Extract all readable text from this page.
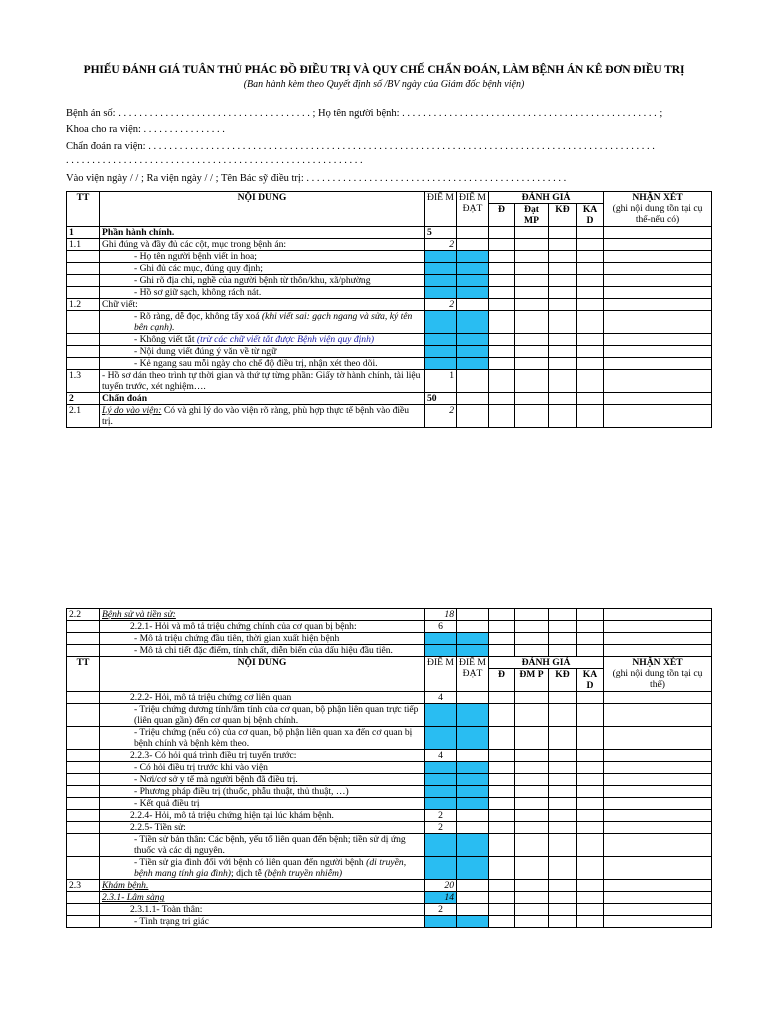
PHIẾU ĐÁNH GIÁ TUÂN THỦ PHÁC ĐỒ ĐIỀU TRỊ VÀ QUY CHẾ CHẨN ĐOÁN, LÀM BỆNH ÁN KÊ ĐƠN ĐIỀU TRỊ
(Ban hành kèm theo Quyết định số /BV ngày của Giám đốc bệnh viện)
Bệnh án số: . . . . . . . . . . . . . . . . . . . . . . . . . . . . . . . . . . . . . ; Họ tên người bệnh: . . . . . . . . . . . . . . . . . . . . . . . . . . . . . . . . . . . . . . . . . . . . . . . . . ;
Khoa cho ra viện: . . . . . . . . . . . . . . . .
Chẩn đoán ra viện: . . . . . . . . . . . . . . . . . . . . . . . . . . . . . . . . . . . . . . . . . . . . . . . . . . . . . . . . . . . . . . . . . . . . . . . . . . . . . . . . . . . . . . . . . . . . . . . . .
. . . . . . . . . . . . . . . . . . . . . . . . . . . . . . . . . . . . . . . . . . . . . . . . . . . . . . . . .
Vào viện ngày / / ; Ra viện ngày / / ; Tên Bác sỹ điều trị: . . . . . . . . . . . . . . . . . . . . . . . . . . . . . . . . . . . . . . . . . . . . . . . . . .
TT	NỘI DUNG	ĐIỂ M	ĐIỂ M ĐẠT	ĐÁNH GIÁ				NHẬN XÉT
(ghi nội dung tồn tại cụ thể-nếu có)
				Đ	Đạt MP	KĐ	KA D	
1	Phần hành chính.	5						
1.1	Ghi đúng và đầy đủ các cột, mục trong bệnh án:	2						
	- Họ tên người bệnh viết in hoa;							
	- Ghi đủ các mục, đúng quy định;							
	- Ghi rõ địa chỉ, nghề của người bệnh từ thôn/khu, xã/phường							
	- Hồ sơ giữ sạch, không rách nát.							
1.2	Chữ viết:	2						
	- Rõ ràng, dễ đọc, không tẩy xoá (khi viết sai: gạch ngang và sửa, ký tên bên cạnh).							
	- Không viết tắt (trừ các chữ viết tắt được Bệnh viện quy định)							
	- Nội dung viết đúng ý văn về từ ngữ							
	- Kẻ ngang sau mỗi ngày cho chế độ điều trị, nhận xét theo dõi.							
1.3	- Hồ sơ dán theo trình tự thời gian và thứ tự từng phần: Giấy tờ hành chính, tài liệu tuyến trước, xét nghiệm….	1						
2	Chẩn đoán	50						
2.1	Lý do vào viện: Có và ghi lý do vào viện rõ ràng, phù hợp thực tế bệnh vào điều trị.	2						
2.2	Bệnh sử và tiền sử:	18						
	2.2.1- Hỏi và mô tả triệu chứng chính của cơ quan bị bệnh:	6						
	- Mô tả triệu chứng đầu tiên, thời gian xuất hiện bệnh							
	- Mô tả chi tiết đặc điểm, tính chất, diễn biến của dấu hiệu đầu tiên.							
TT	NỘI DUNG	ĐIỂ M	ĐIỂ M ĐẠT	ĐÁNH GIÁ				NHẬN XÉT
(ghi nội dung tồn tại cụ thể)
				Đ	ĐM P	KĐ	KA D	
	2.2.2- Hỏi, mô tả triệu chứng cơ liên quan	4						
	- Triệu chứng dương tính/âm tính của cơ quan, bộ phận liên quan trực tiếp (liên quan gần) đến cơ quan bị bệnh chính.							
	- Triệu chứng (nếu có) của cơ quan, bộ phận liên quan xa đến cơ quan bị bệnh chính và bệnh kèm theo.							
	2.2.3- Có hỏi quá trình điều trị tuyến trước:	4						
	- Có hỏi điều trị trước khi vào viện							
	- Nơi/cơ sở y tế mà người bệnh đã điều trị.							
	- Phương pháp điều trị (thuốc, phẫu thuật, thủ thuật, …)							
	- Kết quả điều trị							
	2.2.4- Hỏi, mô tả triệu chứng hiện tại lúc khám bệnh.	2						
	2.2.5- Tiền sử:	2						
	- Tiền sử bản thân: Các bệnh, yếu tố liên quan đến bệnh; tiền sử dị ứng thuốc và các dị nguyên.							
	- Tiền sử gia đình đối với bệnh có liên quan đến người bệnh (di truyền, bệnh mang tính gia đình); dịch tễ (bệnh truyền nhiễm)							
2.3	Khám bệnh.	20						
	2.3.1- Lâm sàng	14						
	2.3.1.1- Toàn thân:	2						
	- Tình trạng tri giác							
